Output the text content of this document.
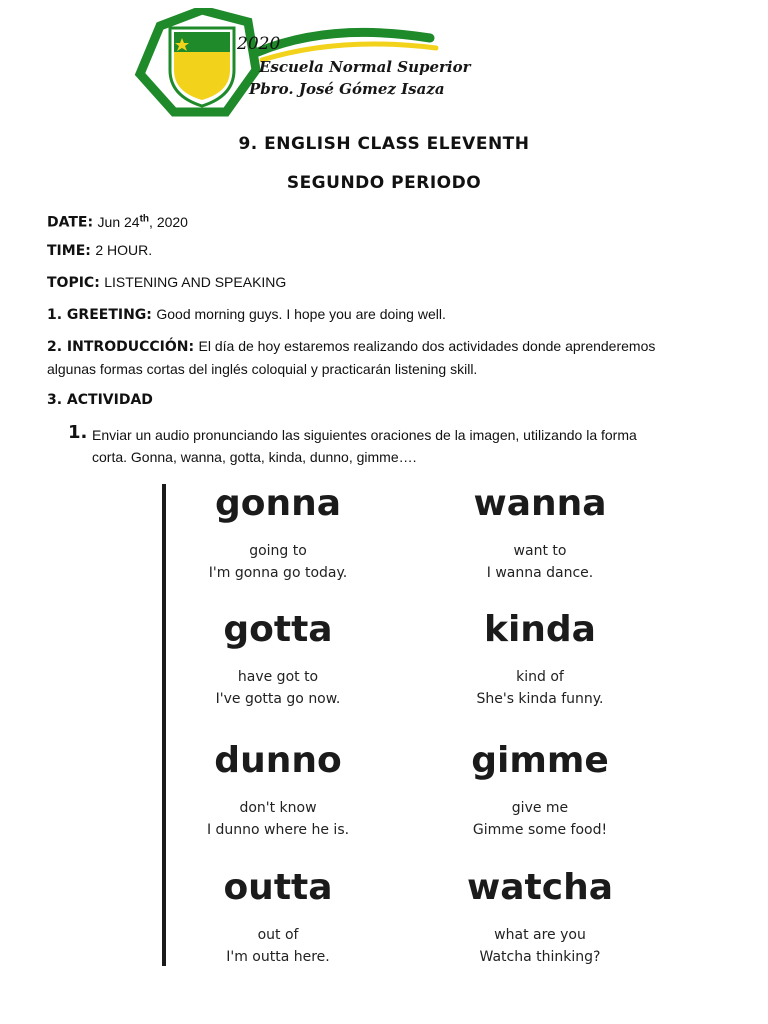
2020
Escuela Normal Superior
Pbro. José Gómez Isaza
9. ENGLISH CLASS ELEVENTH
SEGUNDO PERIODO
DATE: Jun 24th, 2020
TIME: 2 HOUR.
TOPIC: LISTENING AND SPEAKING
1. GREETING: Good morning guys. I hope you are doing well.
2. INTRODUCCIÓN: El día de hoy estaremos realizando dos actividades donde aprenderemos
algunas formas cortas del inglés coloquial y practicarán listening skill.
3. ACTIVIDAD
1. Enviar un audio pronunciando las siguientes oraciones de la imagen, utilizando la forma
corta. Gonna, wanna, gotta, kinda, dunno, gimme….
gonna
going to
I'm gonna go today.
wanna
want to
I wanna dance.
gotta
have got to
I've gotta go now.
kinda
kind of
She's kinda funny.
dunno
don't know
I dunno where he is.
gimme
give me
Gimme some food!
outta
out of
I'm outta here.
watcha
what are you
Watcha thinking?
